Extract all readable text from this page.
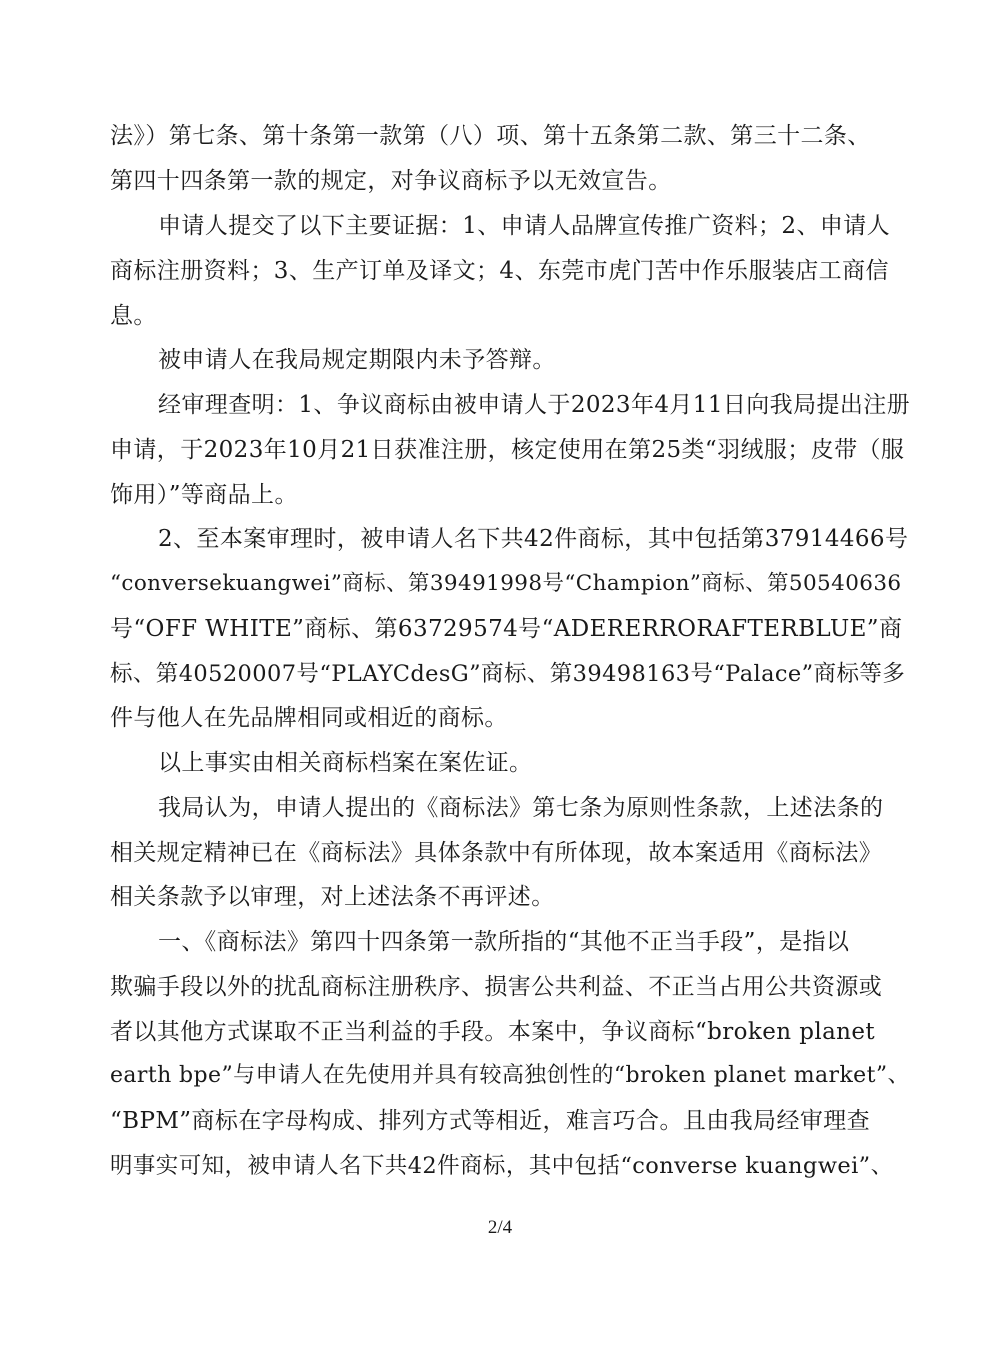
法》）第七条、第十条第一款第（八）项、第十五条第二款、第三十二条、
第四十四条第一款的规定，对争议商标予以无效宣告。
申请人提交了以下主要证据：1、申请人品牌宣传推广资料；2、申请人
商标注册资料；3、生产订单及译文；4、东莞市虎门苦中作乐服装店工商信
息。
被申请人在我局规定期限内未予答辩。
经审理查明：1、争议商标由被申请人于2023年4月11日向我局提出注册
申请，于2023年10月21日获准注册，核定使用在第25类“羽绒服；皮带（服
饰用）”等商品上。
2、至本案审理时，被申请人名下共42件商标，其中包括第37914466号
“conversekuangwei”商标、第39491998号“Champion”商标、第50540636
号“OFF WHITE”商标、第63729574号“ADERERRORAFTERBLUE”商
标、第40520007号“PLAYCdesG”商标、第39498163号“Palace”商标等多
件与他人在先品牌相同或相近的商标。
以上事实由相关商标档案在案佐证。
我局认为，申请人提出的《商标法》第七条为原则性条款，上述法条的
相关规定精神已在《商标法》具体条款中有所体现，故本案适用《商标法》
相关条款予以审理，对上述法条不再评述。
一、《商标法》第四十四条第一款所指的“其他不正当手段”，是指以
欺骗手段以外的扰乱商标注册秩序、损害公共利益、不正当占用公共资源或
者以其他方式谋取不正当利益的手段。本案中，争议商标“broken planet
earth bpe”与申请人在先使用并具有较高独创性的“broken planet market”、
“BPM”商标在字母构成、排列方式等相近，难言巧合。且由我局经审理查
明事实可知，被申请人名下共42件商标，其中包括“converse kuangwei”、
2/4
